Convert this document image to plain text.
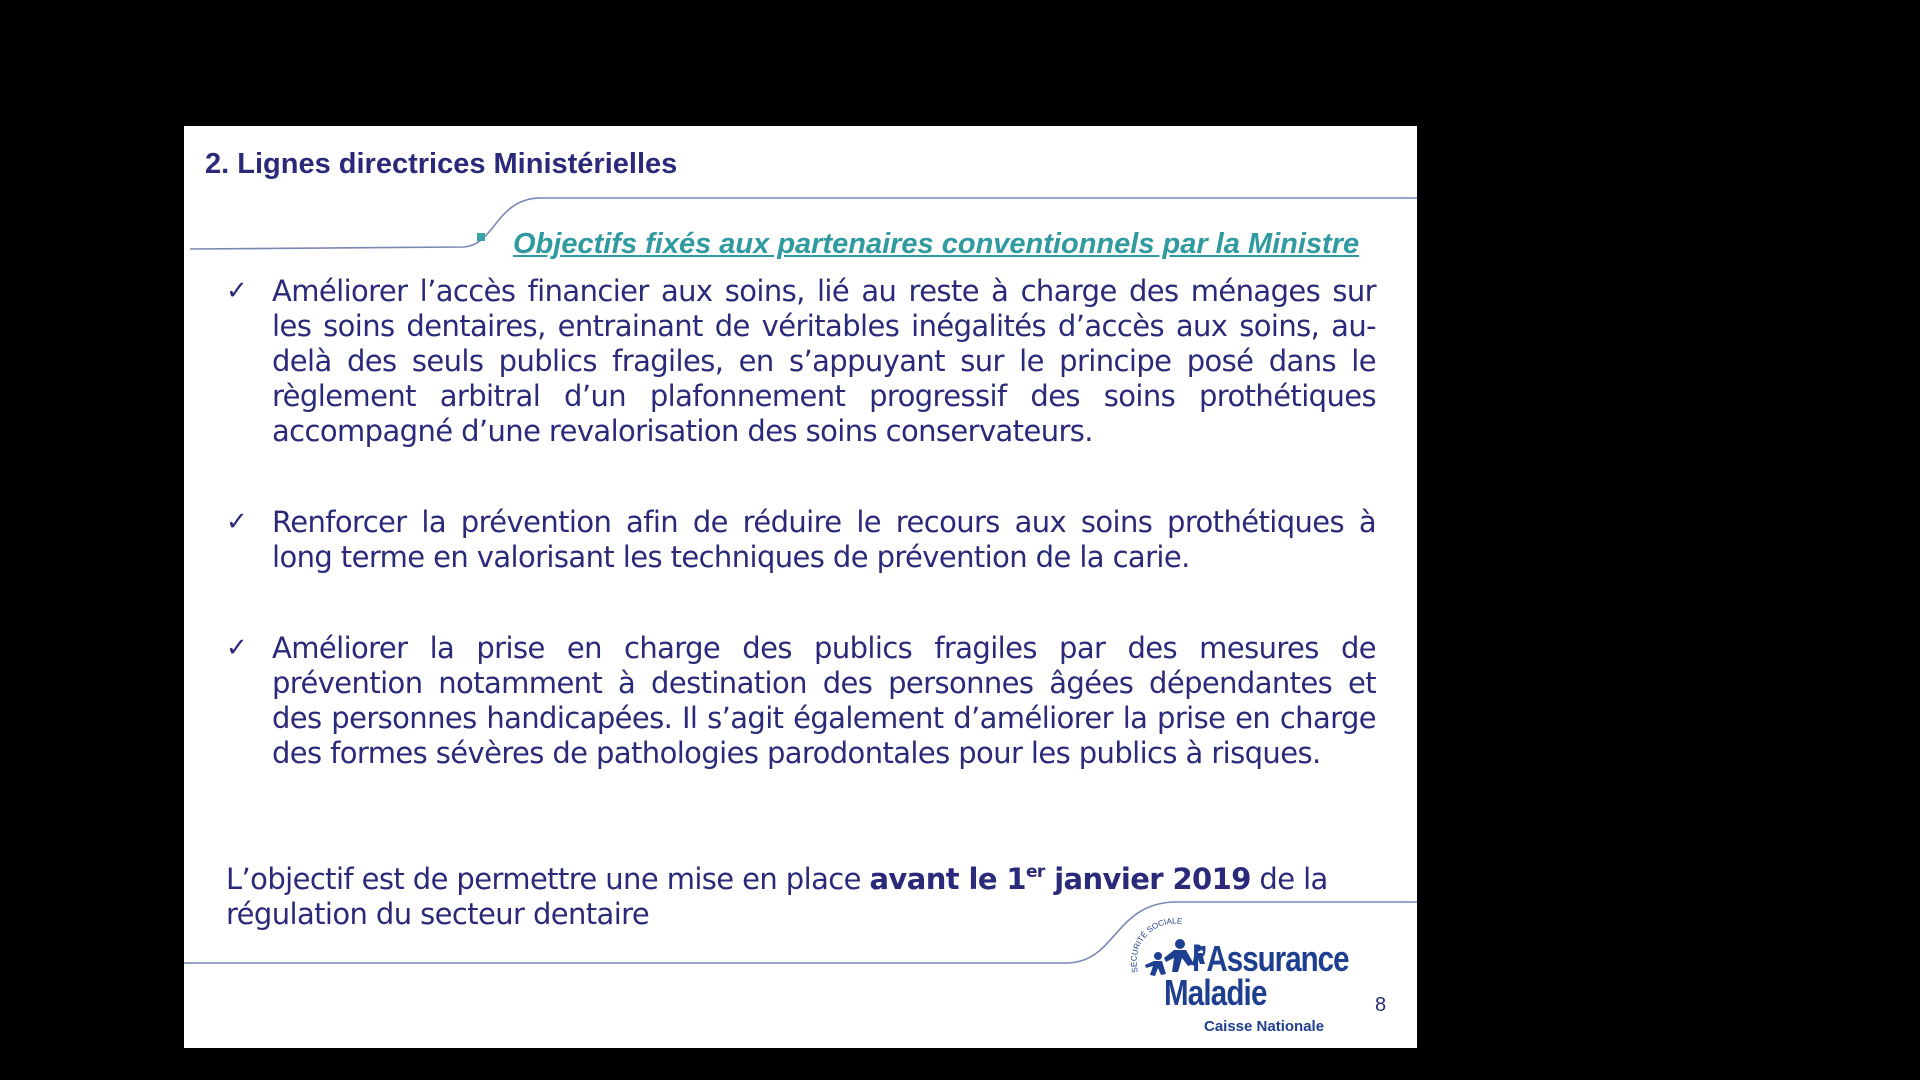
2. Lignes directrices Ministérielles
Objectifs fixés aux partenaires conventionnels par la Ministre
✓ Améliorer l’accès financier aux soins, lié au reste à charge des ménages sur les soins dentaires, entrainant de véritables inégalités d’accès aux soins, au-delà des seuls publics fragiles, en s’appuyant sur le principe posé dans le règlement arbitral d’un plafonnement progressif des soins prothétiques accompagné d’une revalorisation des soins conservateurs.
✓ Renforcer la prévention afin de réduire le recours aux soins prothétiques à long terme en valorisant les techniques de prévention de la carie.
✓ Améliorer la prise en charge des publics fragiles par des mesures de prévention notamment à destination des personnes âgées dépendantes et des personnes handicapées. Il s’agit également d’améliorer la prise en charge des formes sévères de pathologies parodontales pour les publics à risques.
L’objectif est de permettre une mise en place avant le 1er janvier 2019 de la régulation du secteur dentaire
SÉCURITÉ SOCIALE
l’Assurance
Maladie
Caisse Nationale
8
